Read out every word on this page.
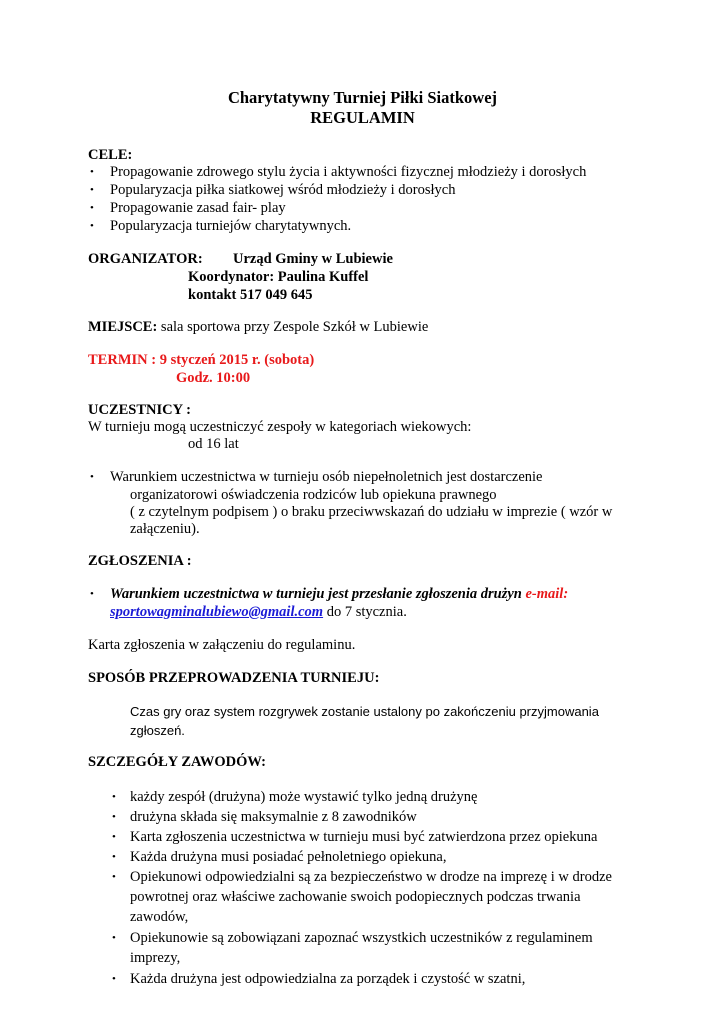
Charytatywny Turniej Piłki Siatkowej
REGULAMIN
CELE:
• Propagowanie zdrowego stylu życia i aktywności fizycznej młodzieży i dorosłych
• Popularyzacja piłka siatkowej wśród młodzieży i dorosłych
• Propagowanie zasad fair- play
• Popularyzacja turniejów charytatywnych.
ORGANIZATOR: Urząd Gminy w Lubiewie
Koordynator: Paulina Kuffel
kontakt 517 049 645
MIEJSCE: sala sportowa przy Zespole Szkół w Lubiewie
TERMIN : 9 styczeń 2015 r. (sobota)
Godz. 10:00
UCZESTNICY :
W turnieju mogą uczestniczyć zespoły w kategoriach wiekowych:
od 16 lat
• Warunkiem uczestnictwa w turnieju osób niepełnoletnich jest dostarczenie
organizatorowi oświadczenia rodziców lub opiekuna prawnego
( z czytelnym podpisem ) o braku przeciwwskazań do udziału w imprezie ( wzór w
załączeniu).
ZGŁOSZENIA :
• Warunkiem uczestnictwa w turnieju jest przesłanie zgłoszenia drużyn e-mail:
sportowagminalubiewo@gmail.com do 7 stycznia.
Karta zgłoszenia w załączeniu do regulaminu.
SPOSÓB PRZEPROWADZENIA TURNIEJU:
Czas gry oraz system rozgrywek zostanie ustalony po zakończeniu przyjmowania
zgłoszeń.
SZCZEGÓŁY ZAWODÓW:
• każdy zespół (drużyna) może wystawić tylko jedną drużynę
• drużyna składa się maksymalnie z 8 zawodników
• Karta zgłoszenia uczestnictwa w turnieju musi być zatwierdzona przez opiekuna
• Każda drużyna musi posiadać pełnoletniego opiekuna,
• Opiekunowi odpowiedzialni są za bezpieczeństwo w drodze na imprezę i w drodze
powrotnej oraz właściwe zachowanie swoich podopiecznych podczas trwania
zawodów,
• Opiekunowie są zobowiązani zapoznać wszystkich uczestników z regulaminem
imprezy,
• Każda drużyna jest odpowiedzialna za porządek i czystość w szatni,
